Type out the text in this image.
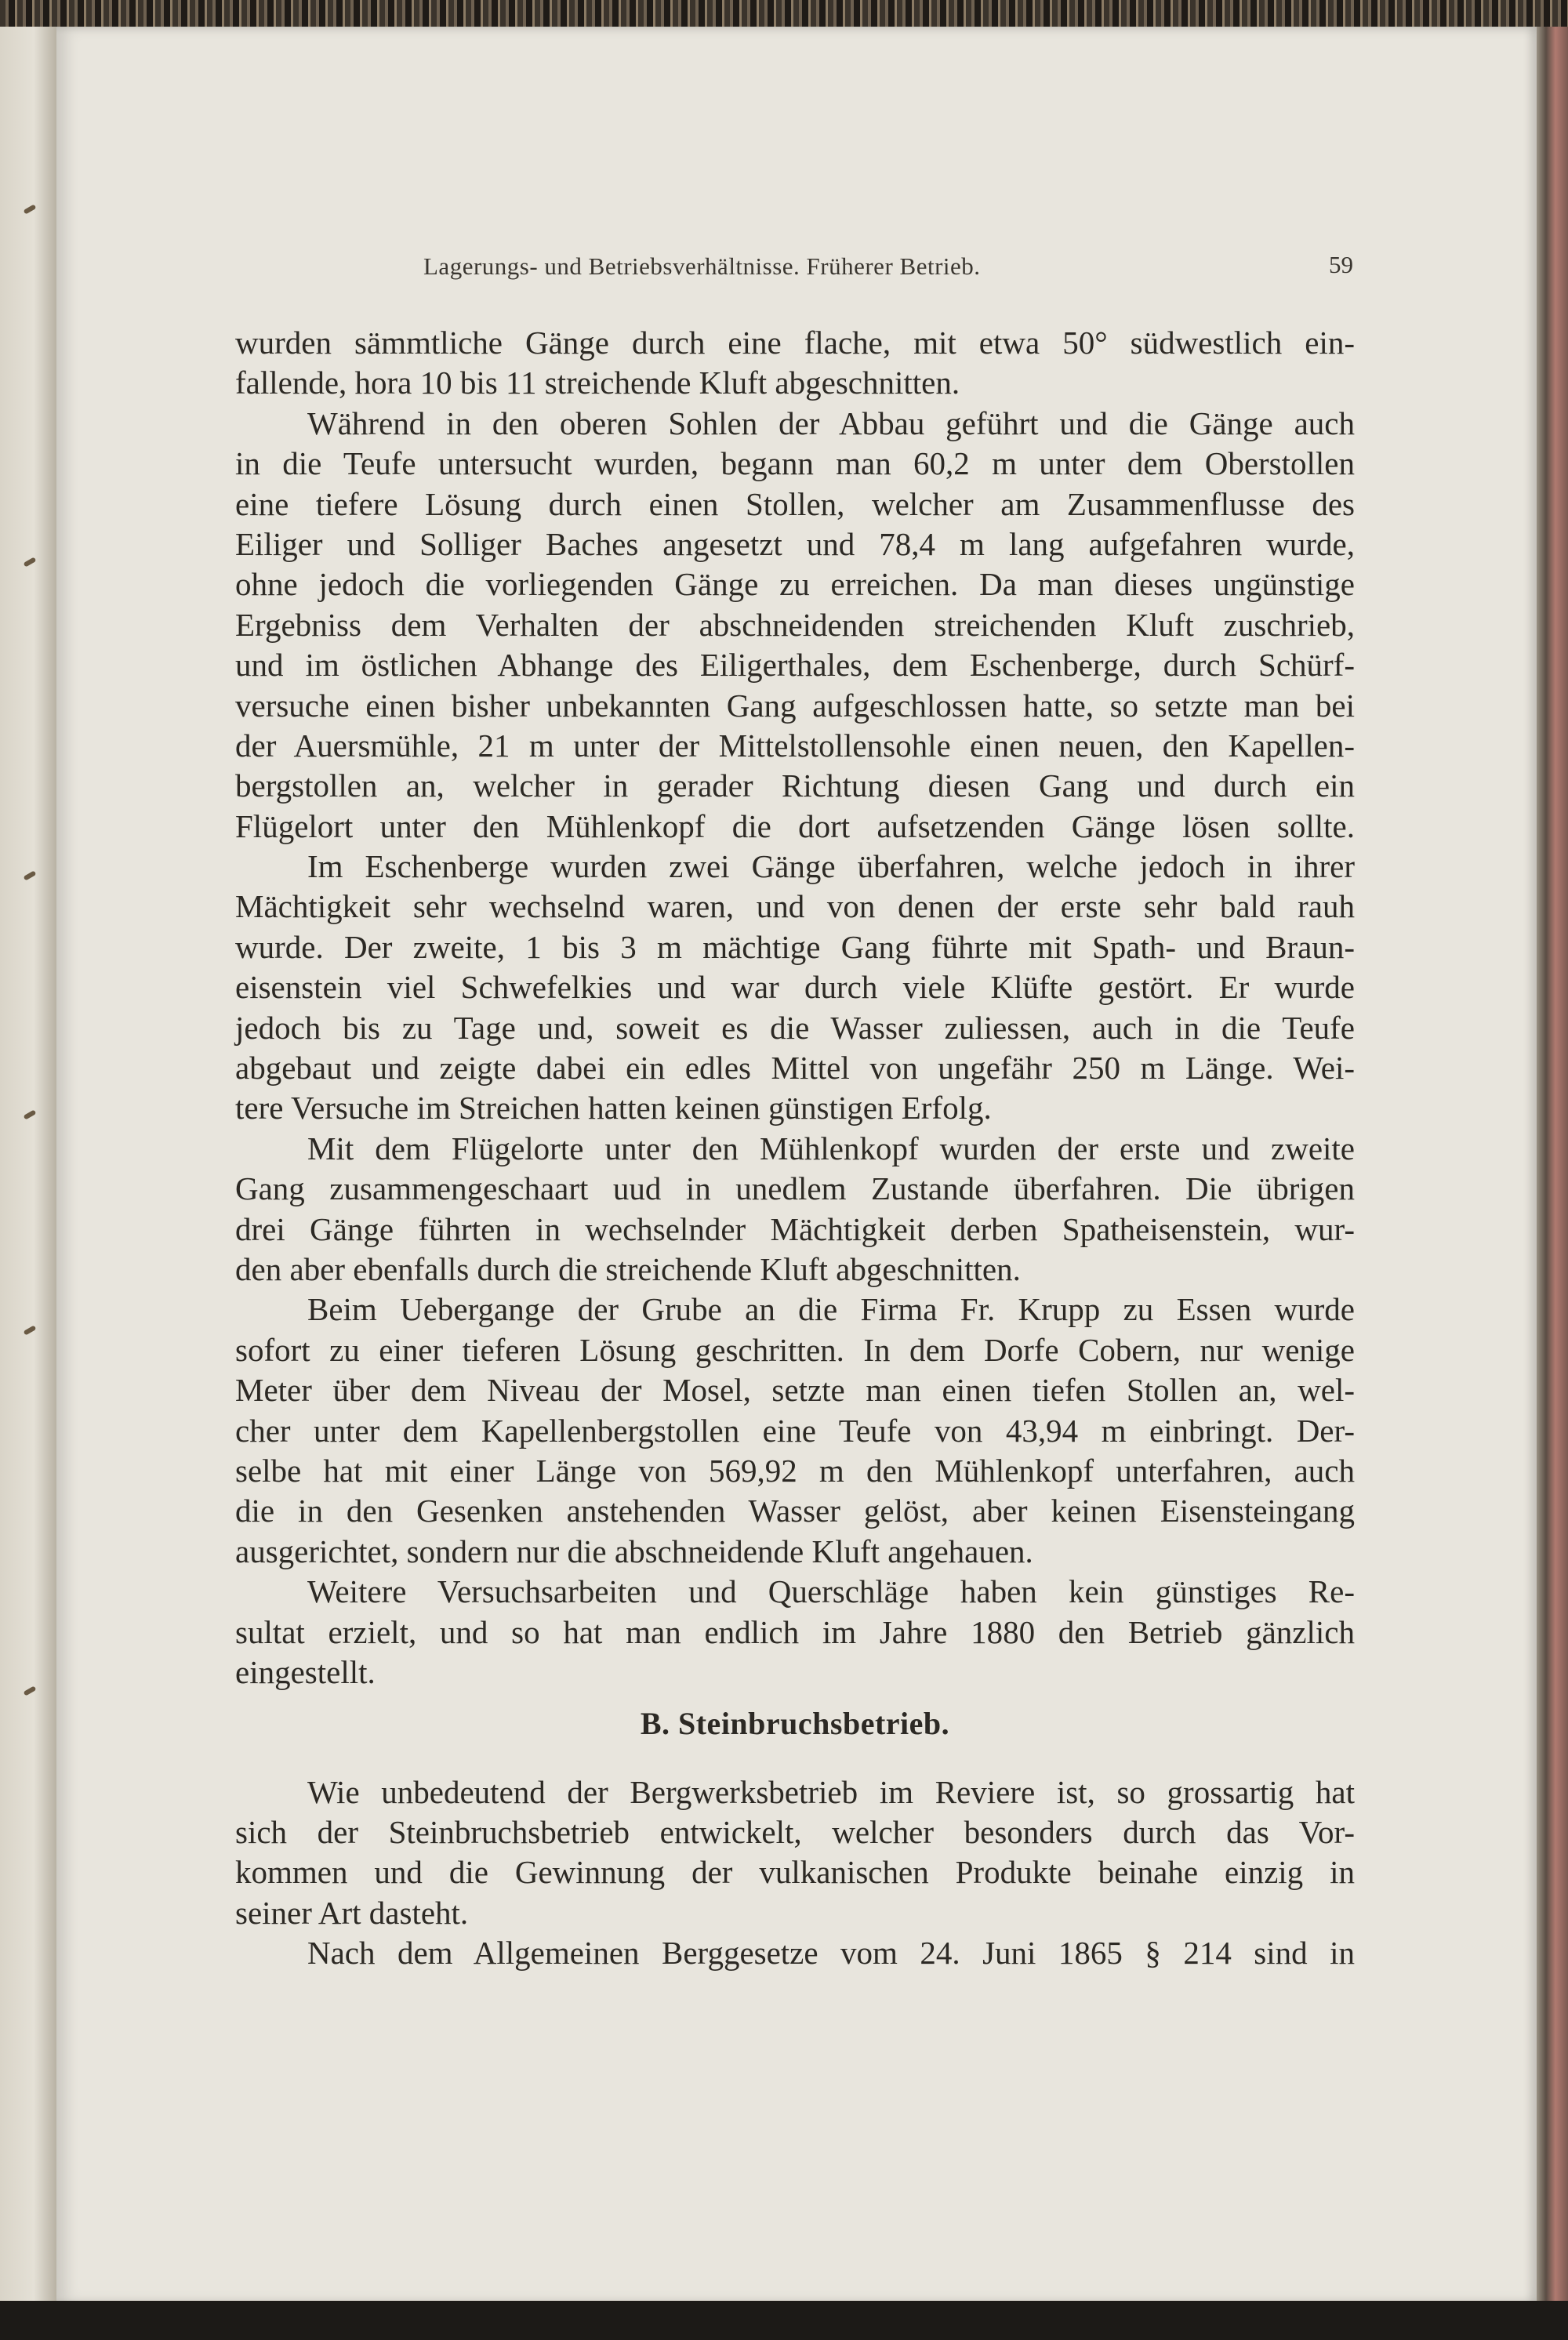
Lagerungs- und Betriebsverhältnisse. Früherer Betrieb.	59
wurden sämmtliche Gänge durch eine flache, mit etwa 50° südwestlich ein-
fallende, hora 10 bis 11 streichende Kluft abgeschnitten.
Während in den oberen Sohlen der Abbau geführt und die Gänge auch
in die Teufe untersucht wurden, begann man 60,2 m unter dem Oberstollen
eine tiefere Lösung durch einen Stollen, welcher am Zusammenflusse des
Eiliger und Solliger Baches angesetzt und 78,4 m lang aufgefahren wurde,
ohne jedoch die vorliegenden Gänge zu erreichen. Da man dieses ungünstige
Ergebniss dem Verhalten der abschneidenden streichenden Kluft zuschrieb,
und im östlichen Abhange des Eiligerthales, dem Eschenberge, durch Schürf-
versuche einen bisher unbekannten Gang aufgeschlossen hatte, so setzte man bei
der Auersmühle, 21 m unter der Mittelstollensohle einen neuen, den Kapellen-
bergstollen an, welcher in gerader Richtung diesen Gang und durch ein
Flügelort unter den Mühlenkopf die dort aufsetzenden Gänge lösen sollte.
Im Eschenberge wurden zwei Gänge überfahren, welche jedoch in ihrer
Mächtigkeit sehr wechselnd waren, und von denen der erste sehr bald rauh
wurde. Der zweite, 1 bis 3 m mächtige Gang führte mit Spath- und Braun-
eisenstein viel Schwefelkies und war durch viele Klüfte gestört. Er wurde
jedoch bis zu Tage und, soweit es die Wasser zuliessen, auch in die Teufe
abgebaut und zeigte dabei ein edles Mittel von ungefähr 250 m Länge. Wei-
tere Versuche im Streichen hatten keinen günstigen Erfolg.
Mit dem Flügelorte unter den Mühlenkopf wurden der erste und zweite
Gang zusammengeschaart uud in unedlem Zustande überfahren. Die übrigen
drei Gänge führten in wechselnder Mächtigkeit derben Spatheisenstein, wur-
den aber ebenfalls durch die streichende Kluft abgeschnitten.
Beim Uebergange der Grube an die Firma Fr. Krupp zu Essen wurde
sofort zu einer tieferen Lösung geschritten. In dem Dorfe Cobern, nur wenige
Meter über dem Niveau der Mosel, setzte man einen tiefen Stollen an, wel-
cher unter dem Kapellenbergstollen eine Teufe von 43,94 m einbringt. Der-
selbe hat mit einer Länge von 569,92 m den Mühlenkopf unterfahren, auch
die in den Gesenken anstehenden Wasser gelöst, aber keinen Eisensteingang
ausgerichtet, sondern nur die abschneidende Kluft angehauen.
Weitere Versuchsarbeiten und Querschläge haben kein günstiges Re-
sultat erzielt, und so hat man endlich im Jahre 1880 den Betrieb gänzlich
eingestellt.
B. Steinbruchsbetrieb.
Wie unbedeutend der Bergwerksbetrieb im Reviere ist, so grossartig hat
sich der Steinbruchsbetrieb entwickelt, welcher besonders durch das Vor-
kommen und die Gewinnung der vulkanischen Produkte beinahe einzig in
seiner Art dasteht.
Nach dem Allgemeinen Berggesetze vom 24. Juni 1865 § 214 sind in
